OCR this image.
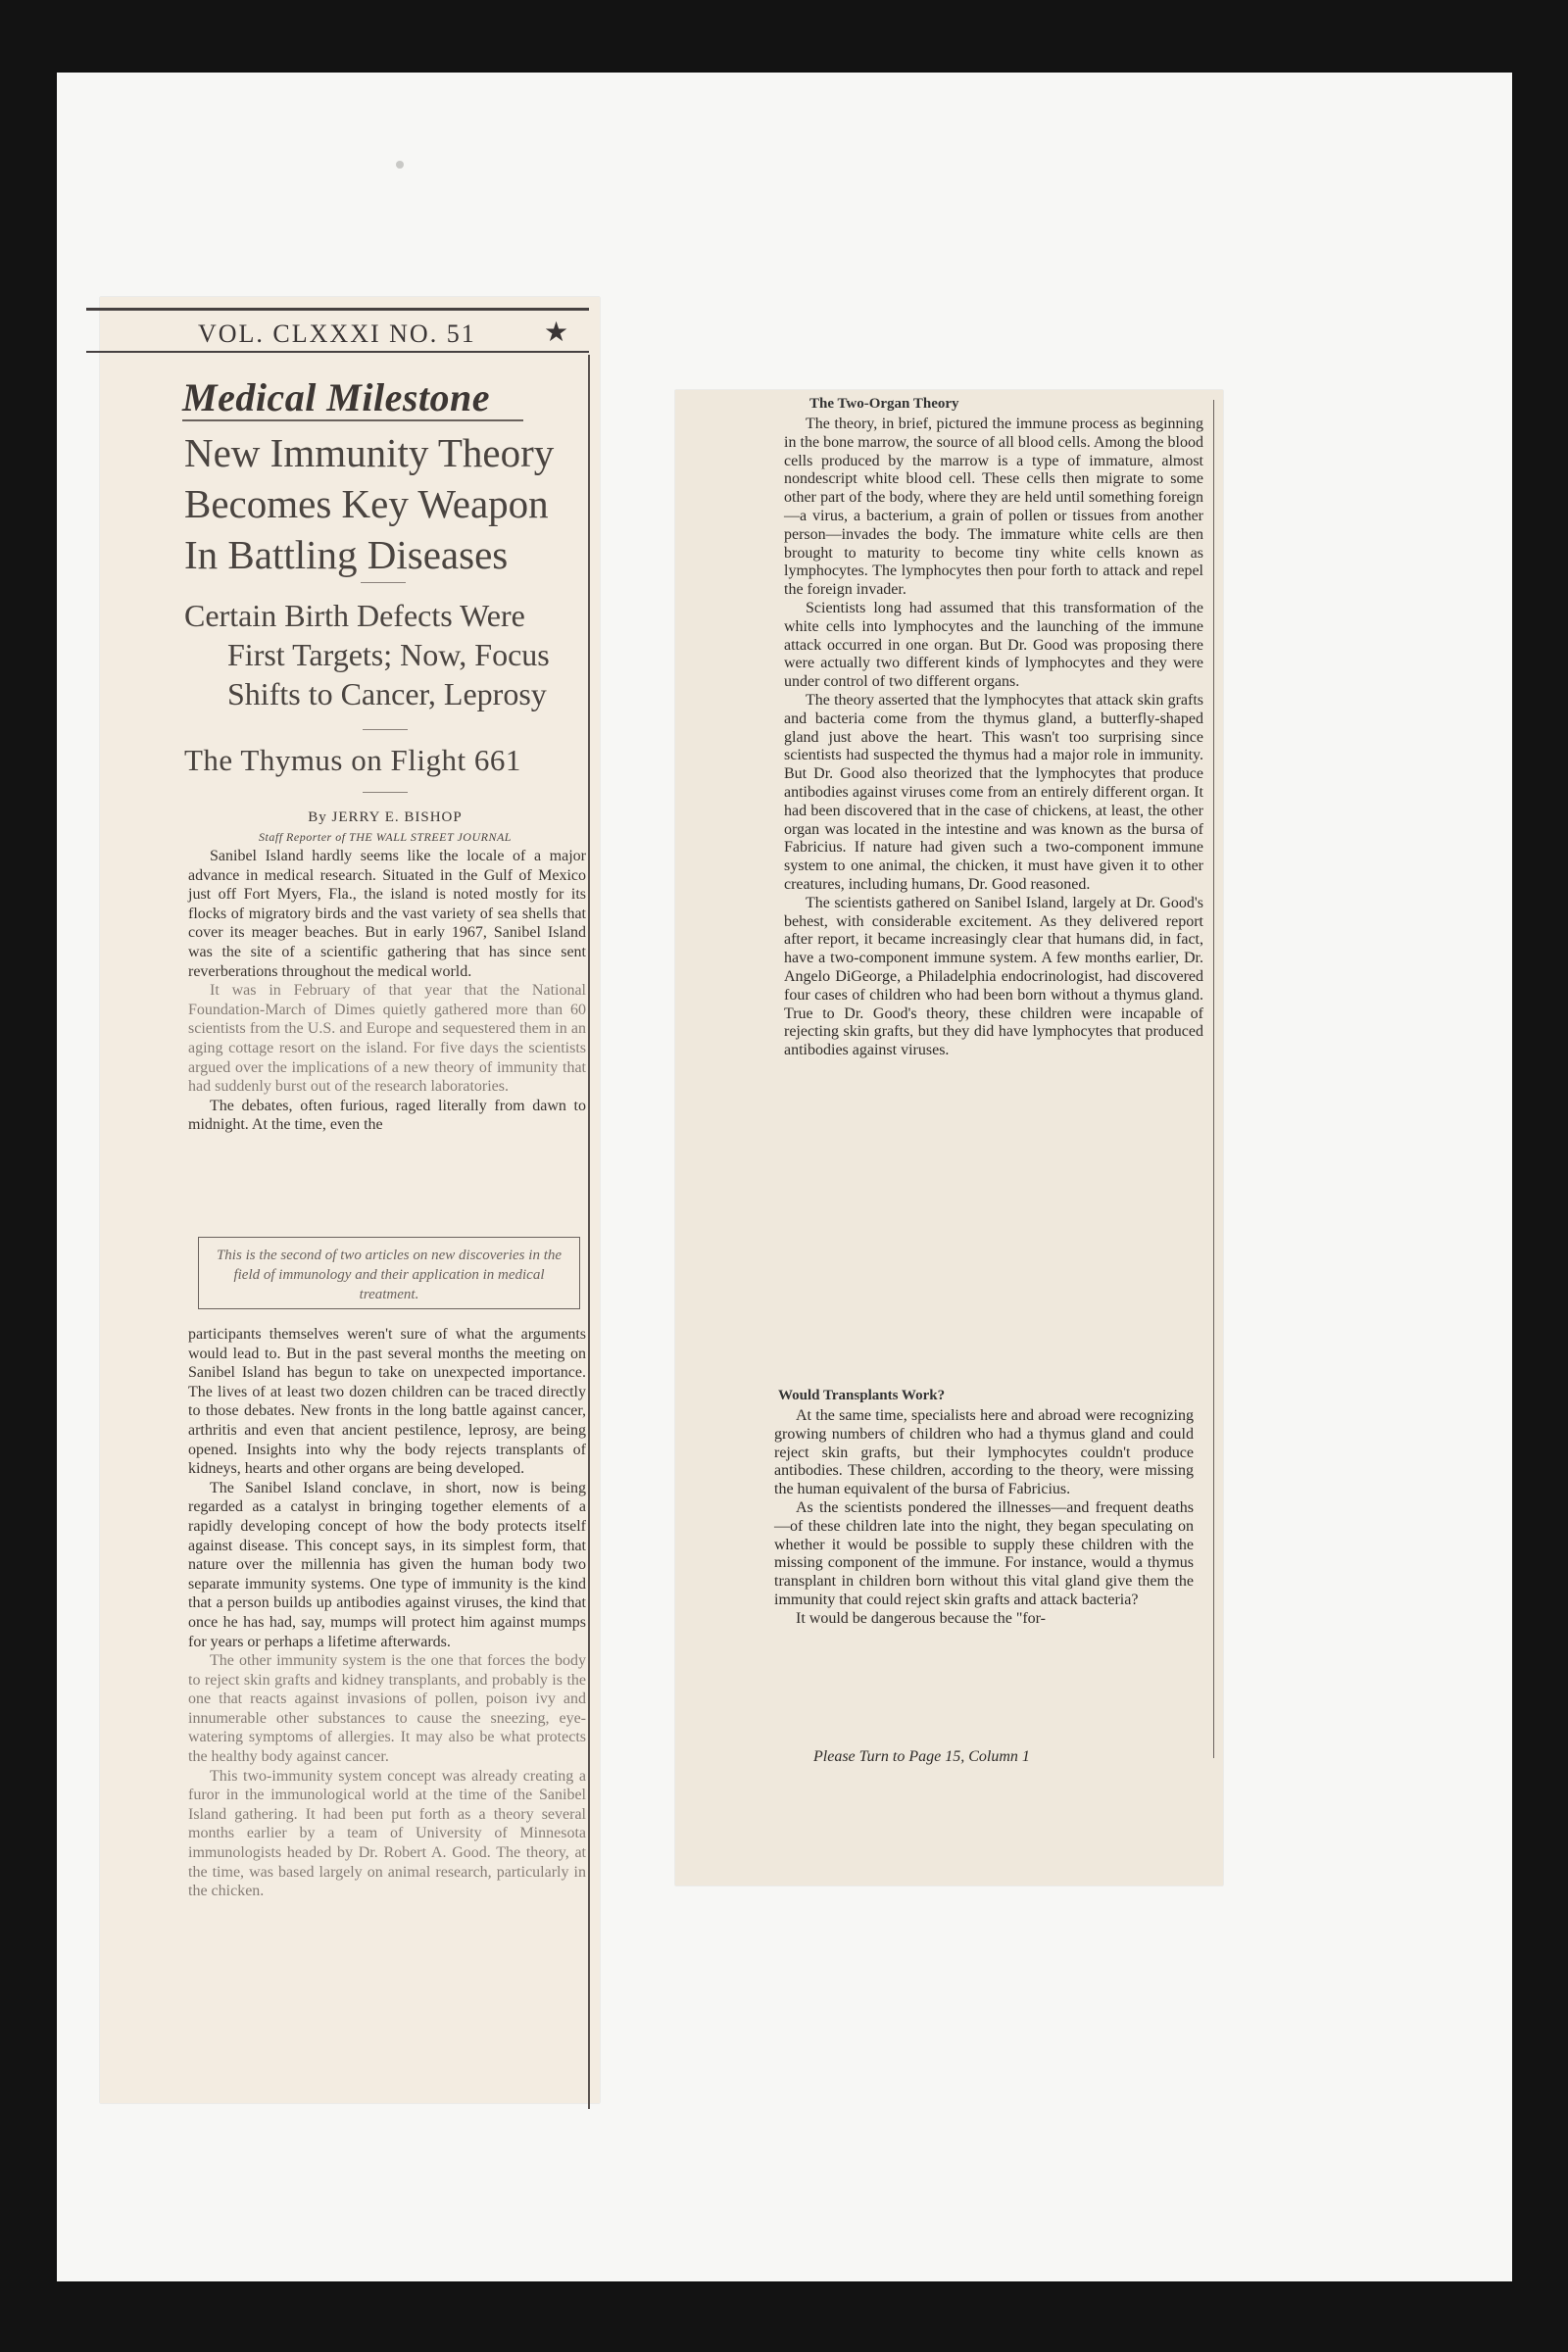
VOL. CLXXXI NO. 51 ★
Medical Milestone
New Immunity Theory
Becomes Key Weapon
In Battling Diseases
Certain Birth Defects Were
First Targets; Now, Focus
Shifts to Cancer, Leprosy
The Thymus on Flight 661
By JERRY E. BISHOP
Staff Reporter of THE WALL STREET JOURNAL

Sanibel Island hardly seems like the locale of a major advance in medical research. Situated in the Gulf of Mexico just off Fort Myers, Fla., the island is noted mostly for its flocks of migratory birds and the vast variety of sea shells that cover its meager beaches. But in early 1967, Sanibel Island was the site of a scientific gathering that has since sent reverberations throughout the medical world.

It was in February of that year that the National Foundation-March of Dimes quietly gathered more than 60 scientists from the U.S. and Europe and sequestered them in an aging cottage resort on the island. For five days the scientists argued over the implications of a new theory of immunity that had suddenly burst out of the research laboratories.

The debates, often furious, raged literally from dawn to midnight. At the time, even the

This is the second of two articles on new discoveries in the field of immunology and their application in medical treatment.

participants themselves weren't sure of what the arguments would lead to. But in the past several months the meeting on Sanibel Island has begun to take on unexpected importance. The lives of at least two dozen children can be traced directly to those debates. New fronts in the long battle against cancer, arthritis and even that ancient pestilence, leprosy, are being opened. Insights into why the body rejects transplants of kidneys, hearts and other organs are being developed.

The Sanibel Island conclave, in short, now is being regarded as a catalyst in bringing together elements of a rapidly developing concept of how the body protects itself against disease. This concept says, in its simplest form, that nature over the millennia has given the human body two separate immunity systems. One type of immunity is the kind that a person builds up antibodies against viruses, the kind that once he has had, say, mumps will protect him against mumps for years or perhaps a lifetime afterwards.

The other immunity system is the one that forces the body to reject skin grafts and kidney transplants, and probably is the one that reacts against invasions of pollen, poison ivy and innumerable other substances to cause the sneezing, eye-watering symptoms of allergies. It may also be what protects the healthy body against cancer.

This two-immunity system concept was already creating a furor in the immunological world at the time of the Sanibel Island gathering. It had been put forth as a theory several months earlier by a team of University of Minnesota immunologists headed by Dr. Robert A. Good. The theory, at the time, was based largely on animal research, particularly in the chicken.

The Two-Organ Theory

The theory, in brief, pictured the immune process as beginning in the bone marrow, the source of all blood cells. Among the blood cells produced by the marrow is a type of immature, almost nondescript white blood cell. These cells then migrate to some other part of the body, where they are held until something foreign—a virus, a bacterium, a grain of pollen or tissues from another person—invades the body. The immature white cells are then brought to maturity to become tiny white cells known as lymphocytes. The lymphocytes then pour forth to attack and repel the foreign invader.

Scientists long had assumed that this transformation of the white cells into lymphocytes and the launching of the immune attack occurred in one organ. But Dr. Good was proposing there were actually two different kinds of lymphocytes and they were under control of two different organs.

The theory asserted that the lymphocytes that attack skin grafts and bacteria come from the thymus gland, a butterfly-shaped gland just above the heart. This wasn't too surprising since scientists had suspected the thymus had a major role in immunity. But Dr. Good also theorized that the lymphocytes that produce antibodies against viruses come from an entirely different organ. It had been discovered that in the case of chickens, at least, the other organ was located in the intestine and was known as the bursa of Fabricius. If nature had given such a two-component immune system to one animal, the chicken, it must have given it to other creatures, including humans, Dr. Good reasoned.

The scientists gathered on Sanibel Island, largely at Dr. Good's behest, with considerable excitement. As they delivered report after report, it became increasingly clear that humans did, in fact, have a two-component immune system. A few months earlier, Dr. Angelo DiGeorge, a Philadelphia endocrinologist, had discovered four cases of children who had been born without a thymus gland. True to Dr. Good's theory, these children were incapable of rejecting skin grafts, but they did have lymphocytes that produced antibodies against viruses.

Would Transplants Work?

At the same time, specialists here and abroad were recognizing growing numbers of children who had a thymus gland and could reject skin grafts, but their lymphocytes couldn't produce antibodies. These children, according to the theory, were missing the human equivalent of the bursa of Fabricius.

As the scientists pondered the illnesses—and frequent deaths—of these children late into the night, they began speculating on whether it would be possible to supply these children with the missing component of the immune. For instance, would a thymus transplant in children born without this vital gland give them the immunity that could reject skin grafts and attack bacteria?

It would be dangerous because the "for-

Please Turn to Page 15, Column 1
